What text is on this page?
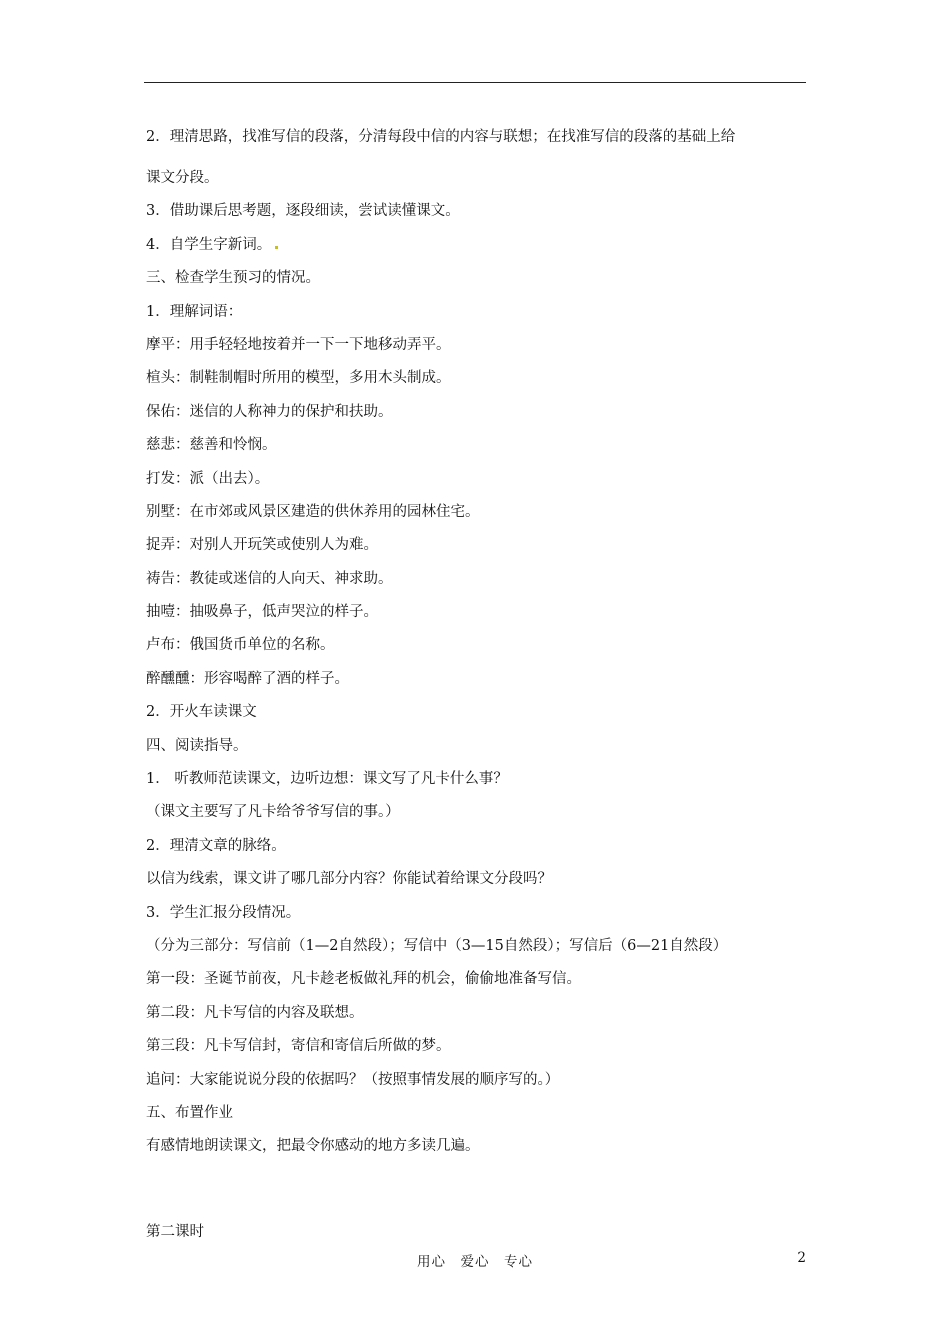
2．理清思路，找准写信的段落，分清每段中信的内容与联想；在找准写信的段落的基础上给
课文分段。
3．借助课后思考题，逐段细读，尝试读懂课文。
4．自学生字新词。
三、检查学生预习的情况。
1．理解词语：
摩平：用手轻轻地按着并一下一下地移动弄平。
楦头：制鞋制帽时所用的模型，多用木头制成。
保佑：迷信的人称神力的保护和扶助。
慈悲：慈善和怜悯。
打发：派（出去）。
别墅：在市郊或风景区建造的供休养用的园林住宅。
捉弄：对别人开玩笑或使别人为难。
祷告：教徒或迷信的人向天、神求助。
抽噎：抽吸鼻子，低声哭泣的样子。
卢布：俄国货币单位的名称。
醉醺醺：形容喝醉了酒的样子。
2．开火车读课文
四、阅读指导。
1． 听教师范读课文，边听边想：课文写了凡卡什么事？
（课文主要写了凡卡给爷爷写信的事。）
2．理清文章的脉络。
以信为线索，课文讲了哪几部分内容？你能试着给课文分段吗？
3．学生汇报分段情况。
（分为三部分：写信前（1—2自然段）；写信中（3—15自然段）；写信后（6—21自然段）
第一段：圣诞节前夜，凡卡趁老板做礼拜的机会，偷偷地准备写信。
第二段：凡卡写信的内容及联想。
第三段：凡卡写信封，寄信和寄信后所做的梦。
追问：大家能说说分段的依据吗？（按照事情发展的顺序写的。）
五、布置作业
有感情地朗读课文，把最令你感动的地方多读几遍。
第二课时
用心　爱心　专心	2
